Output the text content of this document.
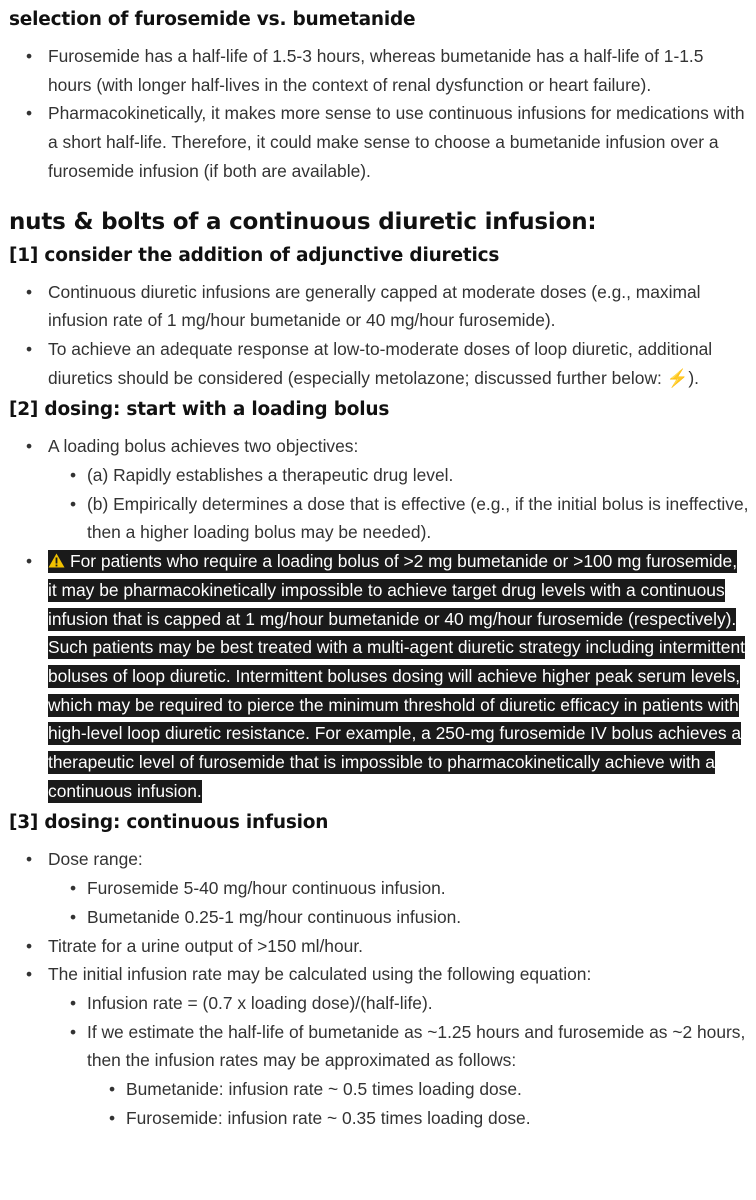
selection of furosemide vs. bumetanide
• Furosemide has a half-life of 1.5-3 hours, whereas bumetanide has a half-life of 1-1.5 hours (with longer half-lives in the context of renal dysfunction or heart failure).
• Pharmacokinetically, it makes more sense to use continuous infusions for medications with a short half-life. Therefore, it could make sense to choose a bumetanide infusion over a furosemide infusion (if both are available).
nuts & bolts of a continuous diuretic infusion:
[1] consider the addition of adjunctive diuretics
• Continuous diuretic infusions are generally capped at moderate doses (e.g., maximal infusion rate of 1 mg/hour bumetanide or 40 mg/hour furosemide).
• To achieve an adequate response at low-to-moderate doses of loop diuretic, additional diuretics should be considered (especially metolazone; discussed further below: ⚡).
[2] dosing: start with a loading bolus
• A loading bolus achieves two objectives:
• (a) Rapidly establishes a therapeutic drug level.
• (b) Empirically determines a dose that is effective (e.g., if the initial bolus is ineffective, then a higher loading bolus may be needed).
•
For patients who require a loading bolus of >2 mg bumetanide or >100 mg furosemide, it may be pharmacokinetically impossible to achieve target drug levels with a continuous infusion that is capped at 1 mg/hour bumetanide or 40 mg/hour furosemide (respectively). Such patients may be best treated with a multi-agent diuretic strategy including intermittent boluses of loop diuretic. Intermittent boluses dosing will achieve higher peak serum levels, which may be required to pierce the minimum threshold of diuretic efficacy in patients with high-level loop diuretic resistance. For example, a 250-mg furosemide IV bolus achieves a therapeutic level of furosemide that is impossible to pharmacokinetically achieve with a continuous infusion.
[3] dosing: continuous infusion
• Dose range:
• Furosemide 5-40 mg/hour continuous infusion.
• Bumetanide 0.25-1 mg/hour continuous infusion.
• Titrate for a urine output of >150 ml/hour.
• The initial infusion rate may be calculated using the following equation:
• Infusion rate = (0.7 x loading dose)/(half-life).
• If we estimate the half-life of bumetanide as ~1.25 hours and furosemide as ~2 hours, then the infusion rates may be approximated as follows:
• Bumetanide: infusion rate ~ 0.5 times loading dose.
• Furosemide: infusion rate ~ 0.35 times loading dose.
